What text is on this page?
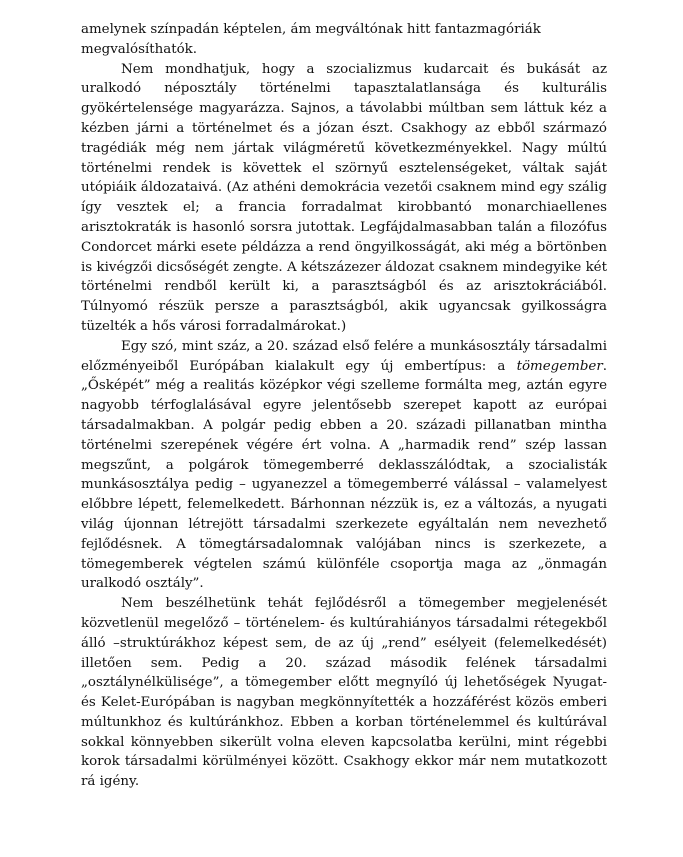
amelynek színpadán képtelen, ám megváltónak hitt fantazmagóriák megvalósíthatók.

Nem mondhatjuk, hogy a szocializmus kudarcait és bukását az uralkodó néposztály történelmi tapasztalatlansága és kulturális gyökértelensége magyarázza. Sajnos, a távolabbi múltban sem láttuk kéz a kézben járni a történelmet és a józan észt. Csakhogy az ebből származó tragédiák még nem jártak világméretű következményekkel. Nagy múltú történelmi rendek is követtek el szörnyű esztelenségeket, váltak saját utópiáik áldozataivá. (Az athéni demokrácia vezetői csaknem mind egy szálig így vesztek el; a francia forradalmat kirobbantó monarchiaellenes arisztokraták is hasonló sorsra jutottak. Legfájdalmasabban talán a filozófus Condorcet márki esete példázza a rend öngyilkosságát, aki még a börtönben is kivégzői dicsőségét zengte. A kétszázezer áldozat csaknem mindegyike két történelmi rendből került ki, a parasztságból és az arisztokráciából. Túlnyomó részük persze a parasztságból, akik ugyancsak gyilkosságra tüzelték a hős városi forradalmárokat.)

Egy szó, mint száz, a 20. század első felére a munkásosztály társadalmi előzményeiből Európában kialakult egy új embertípus: a tömegember. „Ősképét” még a realitás középkor végi szelleme formálta meg, aztán egyre nagyobb térfoglalásával egyre jelentősebb szerepet kapott az európai társadalmakban. A polgár pedig ebben a 20. századi pillanatban mintha történelmi szerepének végére ért volna. A „harmadik rend” szép lassan megszűnt, a polgárok tömegemberré deklasszálódtak, a szocialisták munkásosztálya pedig – ugyanezzel a tömegemberré válással – valamelyest előbbre lépett, felemelkedett. Bárhonnan nézzük is, ez a változás, a nyugati világ újonnan létrejött társadalmi szerkezete egyáltalán nem nevezhető fejlődésnek. A tömegtársadalomnak valójában nincs is szerkezete, a tömegemberek végtelen számú különféle csoportja maga az „önmagán uralkodó osztály”.

Nem beszélhetünk tehát fejlődésről a tömegember megjelenését közvetlenül megelőző – történelem- és kultúrahiányos társadalmi rétegekből álló –struktúrákhoz képest sem, de az új „rend” esélyeit (felemelkedését) illetően sem. Pedig a 20. század második felének társadalmi „osztálynélkülisége”, a tömegember előtt megnyíló új lehetőségek Nyugat- és Kelet-Európában is nagyban megkönnyítették a hozzáférést közös emberi múltunkhoz és kultúránkhoz. Ebben a korban történelemmel és kultúrával sokkal könnyebben sikerült volna eleven kapcsolatba kerülni, mint régebbi korok társadalmi körülményei között. Csakhogy ekkor már nem mutatkozott rá igény.
